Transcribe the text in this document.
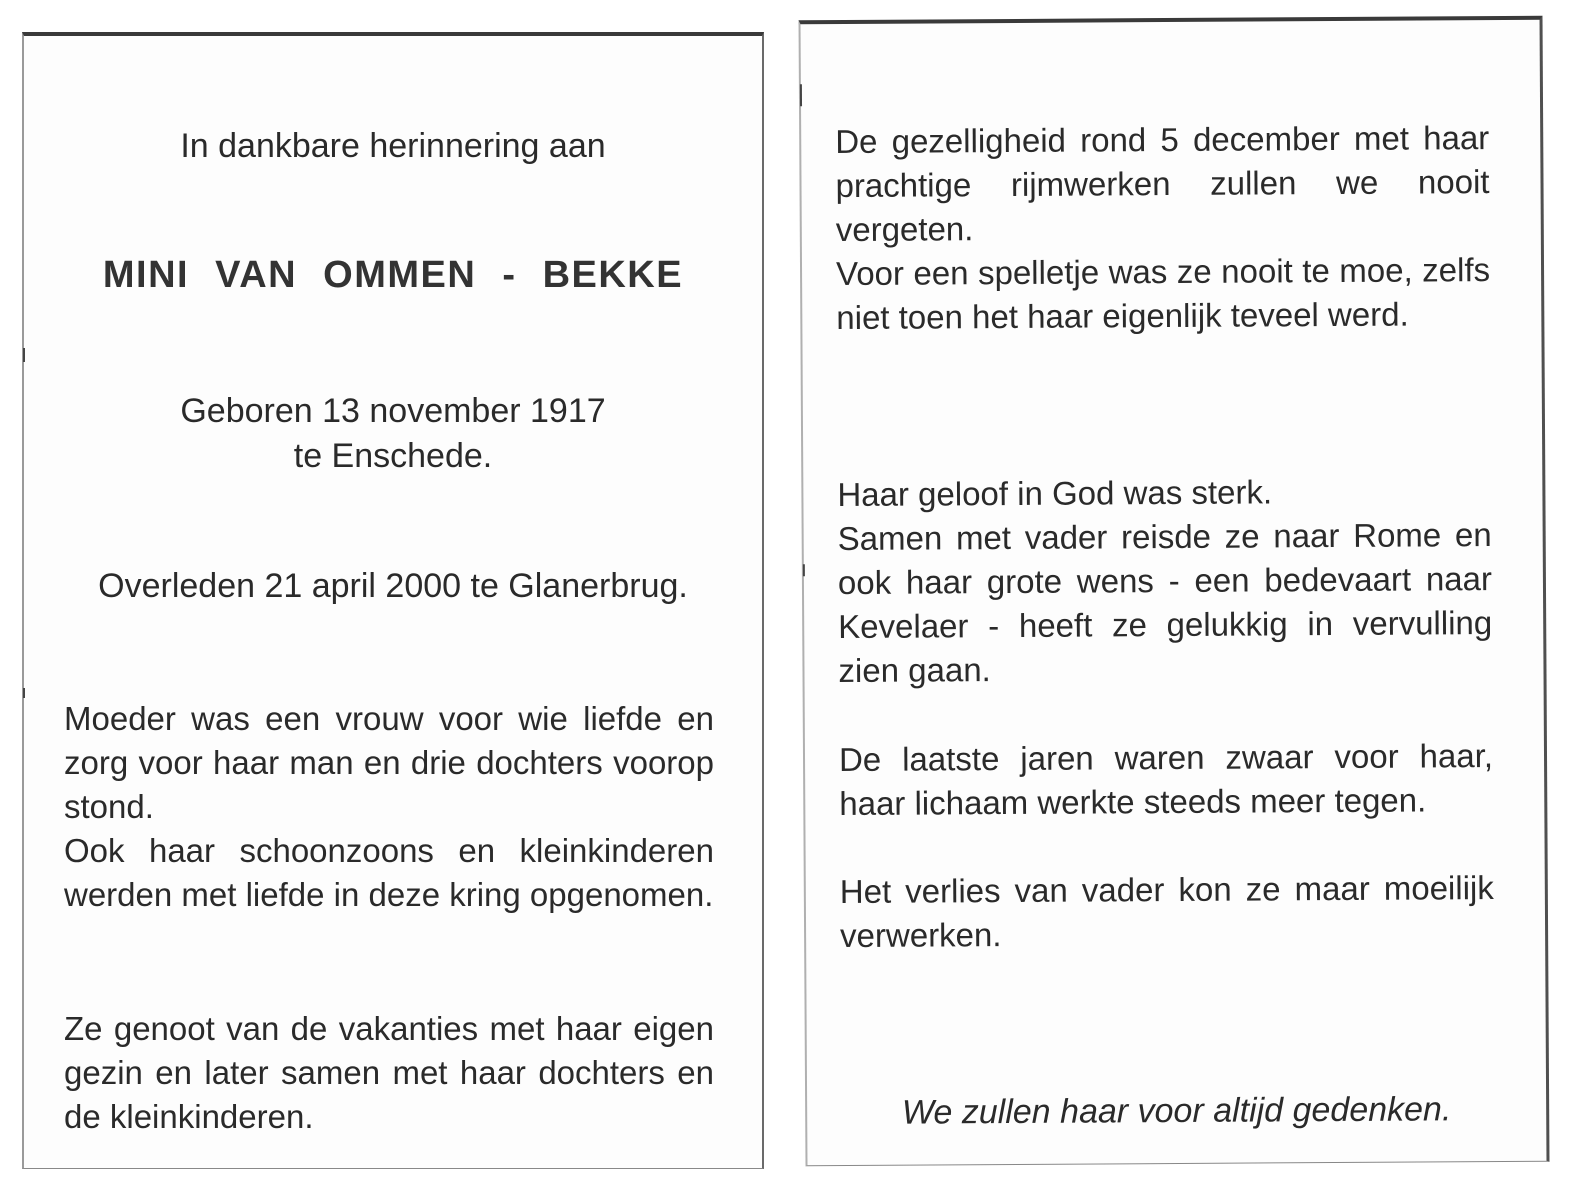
In dankbare herinnering aan

MINI VAN OMMEN - BEKKE

Geboren 13 november 1917

te Enschede.

Overleden 21 april 2000 te Glanerbrug.

Moeder was een vrouw voor wie liefde en zorg voor haar man en drie dochters voorop stond.

Ook haar schoonzoons en kleinkinderen werden met liefde in deze kring opgenomen.

Ze genoot van de vakanties met haar eigen gezin en later samen met haar dochters en de kleinkinderen.

De gezelligheid rond 5 december met haar prachtige rijmwerken zullen we nooit vergeten.

Voor een spelletje was ze nooit te moe, zelfs niet toen het haar eigenlijk teveel werd.

Haar geloof in God was sterk.

Samen met vader reisde ze naar Rome en ook haar grote wens - een bedevaart naar Kevelaer - heeft ze gelukkig in vervulling zien gaan.

De laatste jaren waren zwaar voor haar, haar lichaam werkte steeds meer tegen.

Het verlies van vader kon ze maar moeilijk verwerken.

We zullen haar voor altijd gedenken.
